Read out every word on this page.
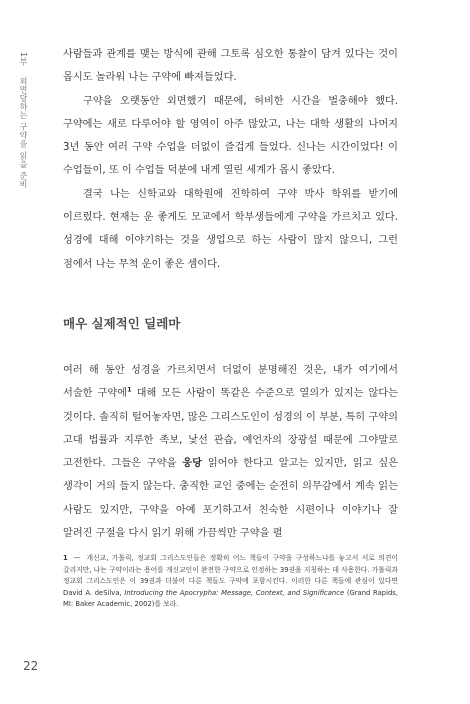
1부 외면당하는 구약을 읽을 준비

사람들과 관계를 맺는 방식에 관해 그토록 심오한 통찰이 담겨 있다는 것이 몹시도 놀라워 나는 구약에 빠져들었다.

구약을 오랫동안 외면했기 때문에, 허비한 시간을 벌충해야 했다. 구약에는 새로 다루어야 할 영역이 아주 많았고, 나는 대학 생활의 나머지 3년 동안 여러 구약 수업을 더없이 즐겁게 들었다. 신나는 시간이었다! 이 수업들이, 또 이 수업들 덕분에 내게 열린 세계가 몹시 좋았다.

결국 나는 신학교와 대학원에 진학하여 구약 박사 학위를 받기에 이르렀다. 현재는 운 좋게도 모교에서 학부생들에게 구약을 가르치고 있다. 성경에 대해 이야기하는 것을 생업으로 하는 사람이 많지 않으니, 그런 점에서 나는 무척 운이 좋은 셈이다.

매우 실제적인 딜레마

여러 해 동안 성경을 가르치면서 더없이 분명해진 것은, 내가 여기에서 서술한 구약에$^1$ 대해 모든 사람이 똑같은 수준으로 열의가 있지는 않다는 것이다. 솔직히 털어놓자면, 많은 그리스도인이 성경의 이 부분, 특히 구약의 고대 법률과 지루한 족보, 낯선 관습, 예언자의 장광설 때문에 그야말로 고전한다. 그들은 구약을 웅당 읽어야 한다고 알고는 있지만, 읽고 싶은 생각이 거의 들지 않는다. 충직한 교인 중에는 순전히 의무감에서 계속 읽는 사람도 있지만, 구약을 아예 포기하고서 친숙한 시편이나 이야기나 잘 알려진 구절을 다시 읽기 위해 가끔씩만 구약을 펼

1 — 개신교, 가톨릭, 정교회 그리스도인들은 정확히 어느 책들이 구약을 구성하느냐를 놓고서 서로 의견이 갈리지만, 나는 구약이라는 용어를 개신교인이 완전한 구약으로 인정하는 39권을 지칭하는 데 사용한다. 가톨릭과 정교회 그리스도인은 이 39권과 더불어 다른 책들도 구약에 포함시킨다. 이러한 다른 책들에 관심이 있다면 David A. deSilva, Introducing the Apocrypha: Message, Context, and Significance (Grand Rapids, MI: Baker Academic, 2002)를 보라.
22
